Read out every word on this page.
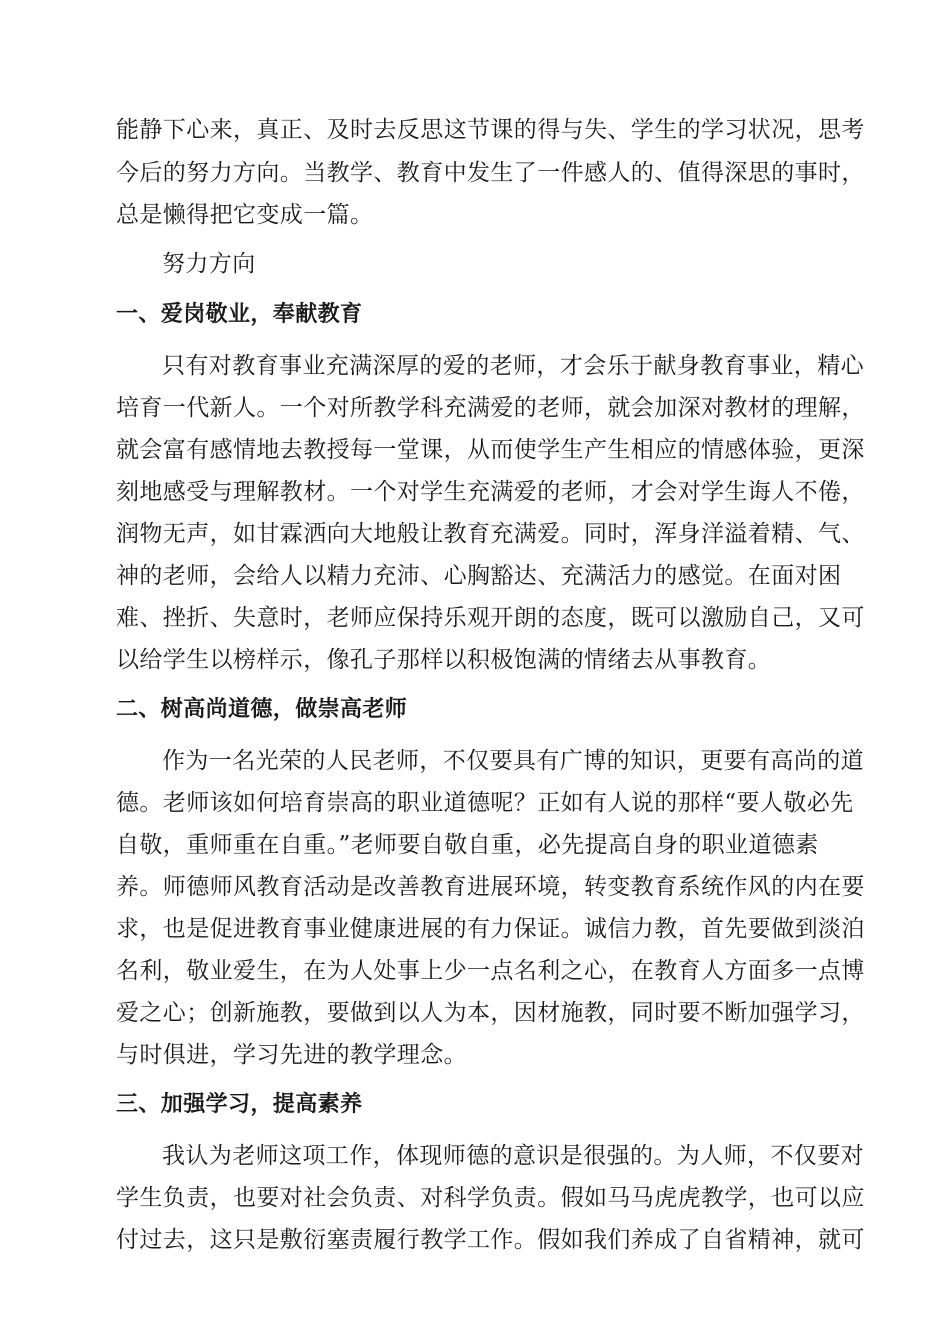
能静下心来，真正、及时去反思这节课的得与失、学生的学习状况，思考
今后的努力方向。当教学、教育中发生了一件感人的、值得深思的事时，
总是懒得把它变成一篇。
努力方向
一、爱岗敬业，奉献教育
只有对教育事业充满深厚的爱的老师，才会乐于献身教育事业，精心
培育一代新人。一个对所教学科充满爱的老师，就会加深对教材的理解，
就会富有感情地去教授每一堂课，从而使学生产生相应的情感体验，更深
刻地感受与理解教材。一个对学生充满爱的老师，才会对学生诲人不倦，
润物无声，如甘霖洒向大地般让教育充满爱。同时，浑身洋溢着精、气、
神的老师，会给人以精力充沛、心胸豁达、充满活力的感觉。在面对困
难、挫折、失意时，老师应保持乐观开朗的态度，既可以激励自己，又可
以给学生以榜样示，像孔子那样以积极饱满的情绪去从事教育。
二、树高尚道德，做崇高老师
作为一名光荣的人民老师，不仅要具有广博的知识，更要有高尚的道
德。老师该如何培育崇高的职业道德呢？正如有人说的那样“要人敬必先
自敬，重师重在自重。”老师要自敬自重，必先提高自身的职业道德素
养。师德师风教育活动是改善教育进展环境，转变教育系统作风的内在要
求，也是促进教育事业健康进展的有力保证。诚信力教，首先要做到淡泊
名利，敬业爱生，在为人处事上少一点名利之心，在教育人方面多一点博
爱之心；创新施教，要做到以人为本，因材施教，同时要不断加强学习，
与时俱进，学习先进的教学理念。
三、加强学习，提高素养
我认为老师这项工作，体现师德的意识是很强的。为人师，不仅要对
学生负责，也要对社会负责、对科学负责。假如马马虎虎教学，也可以应
付过去，这只是敷衍塞责履行教学工作。假如我们养成了自省精神，就可
